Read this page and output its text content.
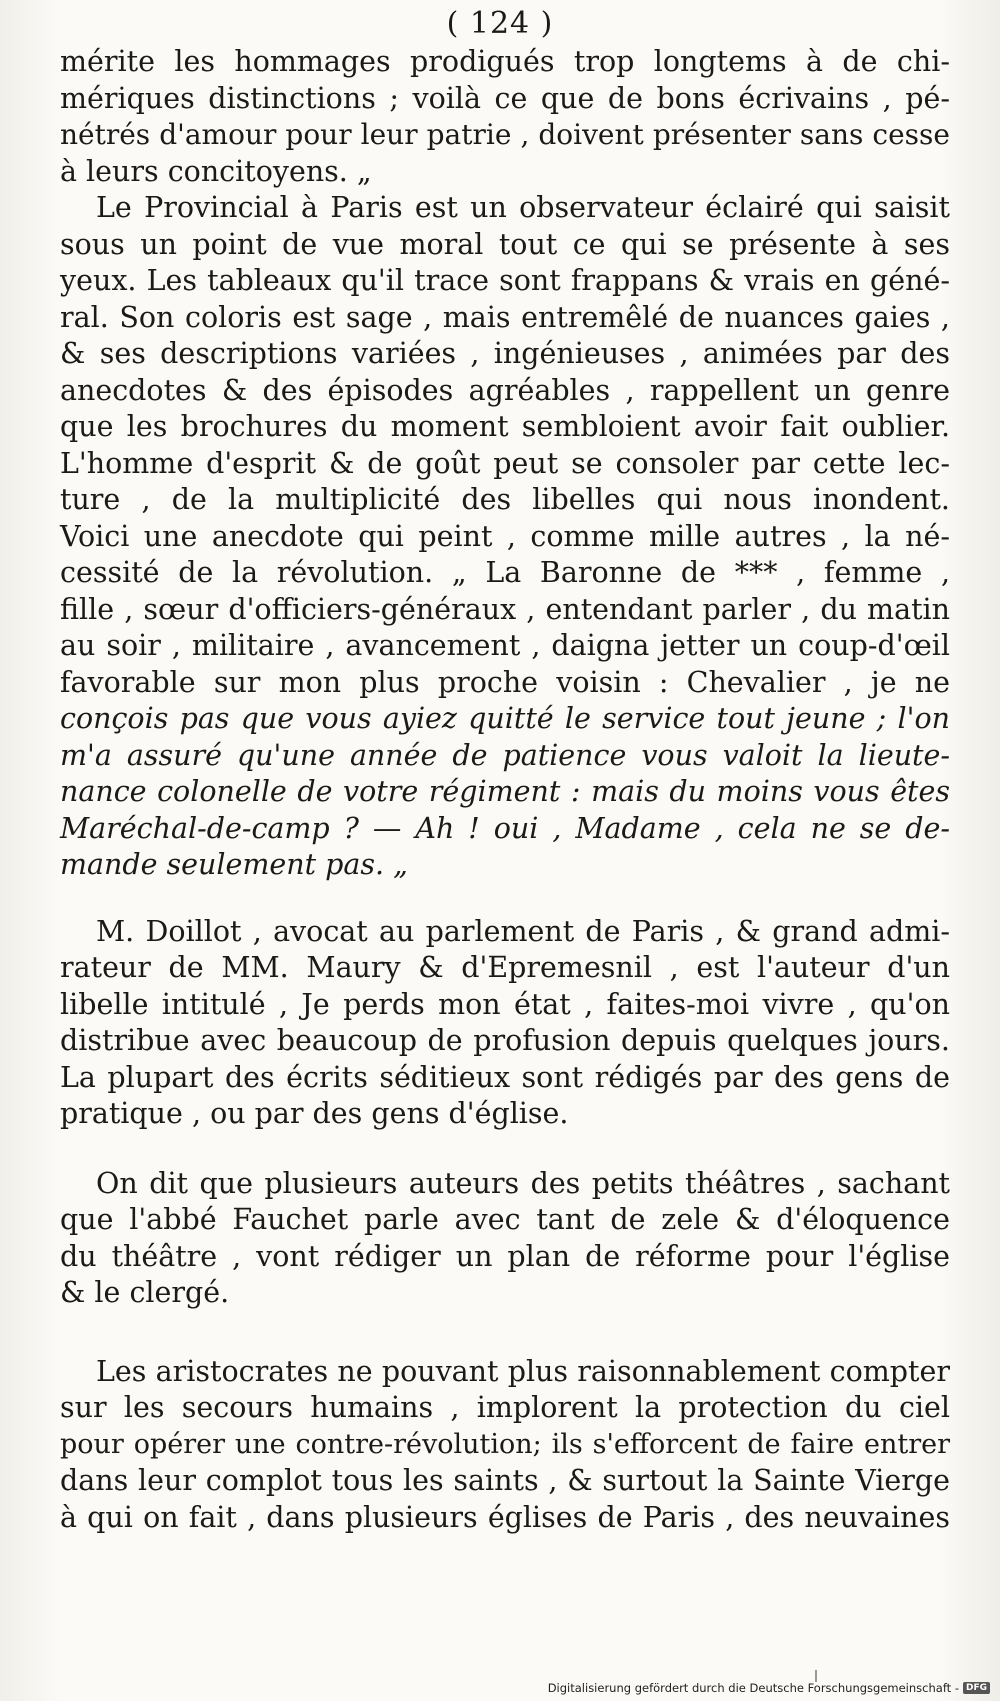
( 124 )
mérite les hommages prodigués trop longtems à de chi-
mériques distinctions ; voilà ce que de bons écrivains , pé-
nétrés d'amour pour leur patrie , doivent présenter sans cesse
à leurs concitoyens. „
Le Provincial à Paris est un observateur éclairé qui saisit
sous un point de vue moral tout ce qui se présente à ses
yeux. Les tableaux qu'il trace sont frappans & vrais en géné-
ral. Son coloris est sage , mais entremêlé de nuances gaies ,
& ses descriptions variées , ingénieuses , animées par des
anecdotes & des épisodes agréables , rappellent un genre
que les brochures du moment sembloient avoir fait oublier.
L'homme d'esprit & de goût peut se consoler par cette lec-
ture , de la multiplicité des libelles qui nous inondent.
Voici une anecdote qui peint , comme mille autres , la né-
cessité de la révolution. „ La Baronne de *** , femme ,
fille , sœur d'officiers-généraux , entendant parler , du matin
au soir , militaire , avancement , daigna jetter un coup-d'œil
favorable sur mon plus proche voisin : Chevalier , je ne
conçois pas que vous ayiez quitté le service tout jeune ; l'on
m'a assuré qu'une année de patience vous valoit la lieute-
nance colonelle de votre régiment : mais du moins vous êtes
Maréchal-de-camp ? — Ah ! oui , Madame , cela ne se de-
mande seulement pas. „
M. Doillot , avocat au parlement de Paris , & grand admi-
rateur de MM. Maury & d'Epremesnil , est l'auteur d'un
libelle intitulé , Je perds mon état , faites-moi vivre , qu'on
distribue avec beaucoup de profusion depuis quelques jours.
La plupart des écrits séditieux sont rédigés par des gens de
pratique , ou par des gens d'église.
On dit que plusieurs auteurs des petits théâtres , sachant
que l'abbé Fauchet parle avec tant de zele & d'éloquence
du théâtre , vont rédiger un plan de réforme pour l'église
& le clergé.
Les aristocrates ne pouvant plus raisonnablement compter
sur les secours humains , implorent la protection du ciel
pour opérer une contre-révolution; ils s'efforcent de faire entrer
dans leur complot tous les saints , & surtout la Sainte Vierge
à qui on fait , dans plusieurs églises de Paris , des neuvaines
Digitalisierung gefördert durch die Deutsche Forschungsgemeinschaft - DFG
